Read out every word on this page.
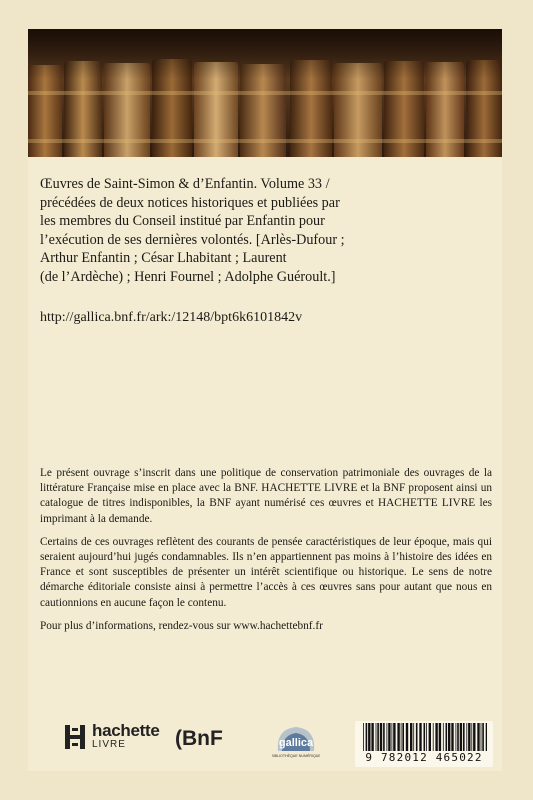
Œuvres de Saint-Simon & d’Enfantin. Volume 33 /
précédées de deux notices historiques et publiées par
les membres du Conseil institué par Enfantin pour
l’exécution de ses dernières volontés. [Arlès-Dufour ;
Arthur Enfantin ; César Lhabitant ; Laurent
(de l’Ardèche) ; Henri Fournel ; Adolphe Guéroult.]

http://gallica.bnf.fr/ark:/12148/bpt6k6101842v

Le présent ouvrage s’inscrit dans une politique de conservation patrimoniale des ouvrages de la littérature Française mise en place avec la BNF. HACHETTE LIVRE et la BNF proposent ainsi un catalogue de titres indisponibles, la BNF ayant numérisé ces œuvres et HACHETTE LIVRE les imprimant à la demande.

Certains de ces ouvrages reflètent des courants de pensée caractéristiques de leur époque, mais qui seraient aujourd’hui jugés condamnables. Ils n’en appartiennent pas moins à l’histoire des idées en France et sont susceptibles de présenter un intérêt scientifique ou historique. Le sens de notre démarche éditoriale consiste ainsi à permettre l’accès à ces œuvres sans pour autant que nous en cautionnions en aucune façon le contenu.

Pour plus d’informations, rendez-vous sur www.hachettebnf.fr

hachette
LIVRE	(BnF	gallica
BIBLIOTHÈQUE NUMÉRIQUE	9 782012 465022
